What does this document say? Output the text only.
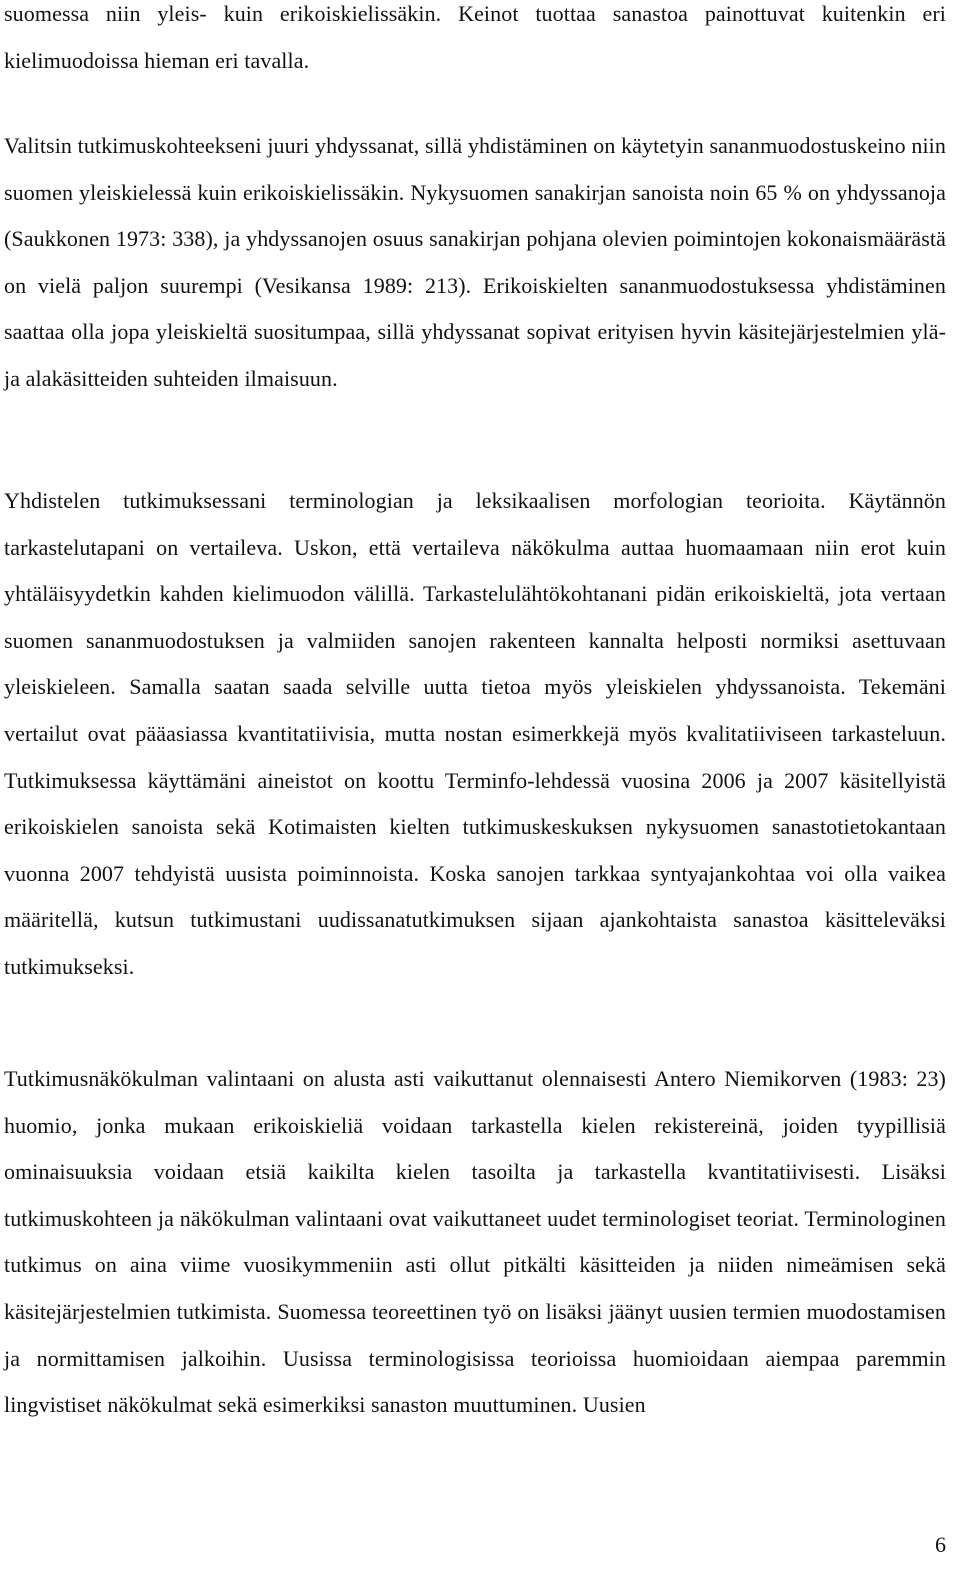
suomessa niin yleis- kuin erikoiskielissäkin. Keinot tuottaa sanastoa painottuvat kuitenkin eri kielimuodoissa hieman eri tavalla.

Valitsin tutkimuskohteekseni juuri yhdyssanat, sillä yhdistäminen on käytetyin sananmuodostuskeino niin suomen yleiskielessä kuin erikoiskielissäkin. Nykysuomen sanakirjan sanoista noin 65 % on yhdyssanoja (Saukkonen 1973: 338), ja yhdyssanojen osuus sanakirjan pohjana olevien poimintojen kokonaismäärästä on vielä paljon suurempi (Vesikansa 1989: 213). Erikoiskielten sananmuodostuksessa yhdistäminen saattaa olla jopa yleiskieltä suositumpaa, sillä yhdyssanat sopivat erityisen hyvin käsitejärjestelmien ylä- ja alakäsitteiden suhteiden ilmaisuun.

Yhdistelen tutkimuksessani terminologian ja leksikaalisen morfologian teorioita. Käytännön tarkastelutapani on vertaileva. Uskon, että vertaileva näkökulma auttaa huomaamaan niin erot kuin yhtäläisyydetkin kahden kielimuodon välillä. Tarkastelulähtökohtanani pidän erikoiskieltä, jota vertaan suomen sananmuodostuksen ja valmiiden sanojen rakenteen kannalta helposti normiksi asettuvaan yleiskieleen. Samalla saatan saada selville uutta tietoa myös yleiskielen yhdyssanoista. Tekemäni vertailut ovat pääasiassa kvantitatiivisia, mutta nostan esimerkkejä myös kvalitatiiviseen tarkasteluun. Tutkimuksessa käyttämäni aineistot on koottu Terminfo-lehdessä vuosina 2006 ja 2007 käsitellyistä erikoiskielen sanoista sekä Kotimaisten kielten tutkimuskeskuksen nykysuomen sanastotietokantaan vuonna 2007 tehdyistä uusista poiminnoista. Koska sanojen tarkkaa syntyajankohtaa voi olla vaikea määritellä, kutsun tutkimustani uudissanatutkimuksen sijaan ajankohtaista sanastoa käsitteleväksi tutkimukseksi.

Tutkimusnäkökulman valintaani on alusta asti vaikuttanut olennaisesti Antero Niemikorven (1983: 23) huomio, jonka mukaan erikoiskieliä voidaan tarkastella kielen rekistereinä, joiden tyypillisiä ominaisuuksia voidaan etsiä kaikilta kielen tasoilta ja tarkastella kvantitatiivisesti. Lisäksi tutkimuskohteen ja näkökulman valintaani ovat vaikuttaneet uudet terminologiset teoriat. Terminologinen tutkimus on aina viime vuosikymmeniin asti ollut pitkälti käsitteiden ja niiden nimeämisen sekä käsitejärjestelmien tutkimista. Suomessa teoreettinen työ on lisäksi jäänyt uusien termien muodostamisen ja normittamisen jalkoihin. Uusissa terminologisissa teorioissa huomioidaan aiempaa paremmin lingvistiset näkökulmat sekä esimerkiksi sanaston muuttuminen. Uusien

6
